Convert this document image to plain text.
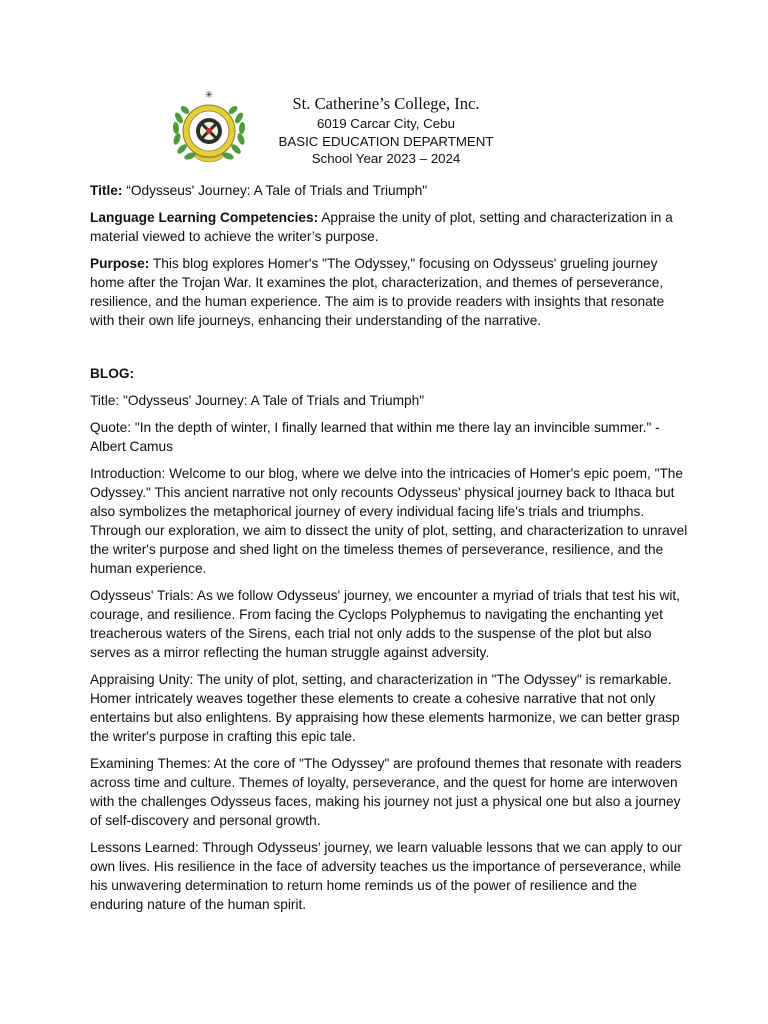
✳	St. Catherine’s College, Inc.
6019 Carcar City, Cebu
BASIC EDUCATION DEPARTMENT
School Year 2023 – 2024

Title: “Odysseus' Journey: A Tale of Trials and Triumph"

Language Learning Competencies: Appraise the unity of plot, setting and characterization in a material viewed to achieve the writer’s purpose.

Purpose: This blog explores Homer's "The Odyssey," focusing on Odysseus' grueling journey home after the Trojan War. It examines the plot, characterization, and themes of perseverance, resilience, and the human experience. The aim is to provide readers with insights that resonate with their own life journeys, enhancing their understanding of the narrative.

BLOG:

Title: "Odysseus' Journey: A Tale of Trials and Triumph"

Quote: "In the depth of winter, I finally learned that within me there lay an invincible summer." - Albert Camus

Introduction: Welcome to our blog, where we delve into the intricacies of Homer's epic poem, "The Odyssey." This ancient narrative not only recounts Odysseus' physical journey back to Ithaca but also symbolizes the metaphorical journey of every individual facing life's trials and triumphs. Through our exploration, we aim to dissect the unity of plot, setting, and characterization to unravel the writer's purpose and shed light on the timeless themes of perseverance, resilience, and the human experience.

Odysseus' Trials: As we follow Odysseus' journey, we encounter a myriad of trials that test his wit, courage, and resilience. From facing the Cyclops Polyphemus to navigating the enchanting yet treacherous waters of the Sirens, each trial not only adds to the suspense of the plot but also serves as a mirror reflecting the human struggle against adversity.

Appraising Unity: The unity of plot, setting, and characterization in "The Odyssey" is remarkable. Homer intricately weaves together these elements to create a cohesive narrative that not only entertains but also enlightens. By appraising how these elements harmonize, we can better grasp the writer's purpose in crafting this epic tale.

Examining Themes: At the core of "The Odyssey" are profound themes that resonate with readers across time and culture. Themes of loyalty, perseverance, and the quest for home are interwoven with the challenges Odysseus faces, making his journey not just a physical one but also a journey of self-discovery and personal growth.

Lessons Learned: Through Odysseus' journey, we learn valuable lessons that we can apply to our own lives. His resilience in the face of adversity teaches us the importance of perseverance, while his unwavering determination to return home reminds us of the power of resilience and the enduring nature of the human spirit.
